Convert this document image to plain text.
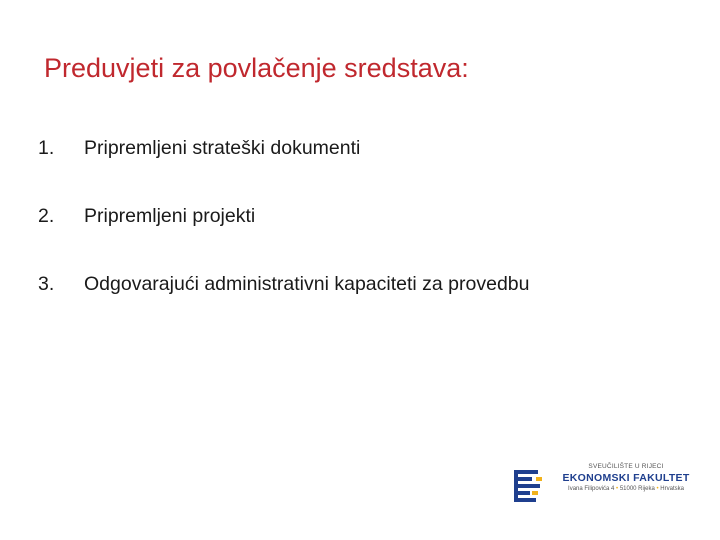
Preduvjeti za povlačenje sredstava:
1.	Pripremljeni strateški dokumenti
2.	Pripremljeni projekti
3.	Odgovarajući administrativni kapaciteti za provedbu
SVEUČILIŠTE U RIJECI
EKONOMSKI FAKULTET
Ivana Filipovića 4 • 51000 Rijeka • Hrvatska
